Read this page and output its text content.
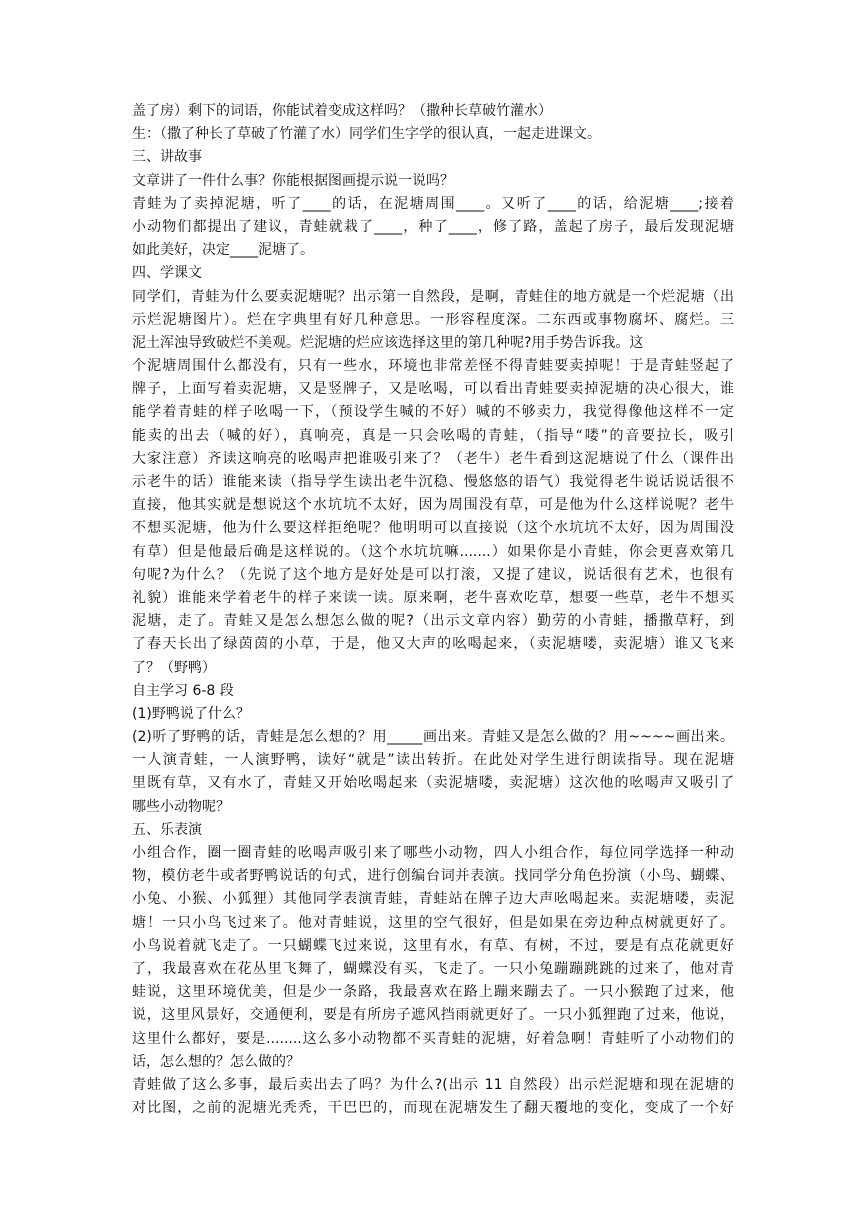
盖了房）剩下的词语，你能试着变成这样吗？（撒种长草破竹灌水）
生：（撒了种长了草破了竹灌了水）同学们生字学的很认真，一起走进课文。
三、讲故事
文章讲了一件什么事？你能根据图画提示说一说吗？
青蛙为了卖掉泥塘，听了____的话，在泥塘周围____。又听了____的话，给泥塘____;接着
小动物们都提出了建议，青蛙就栽了____，种了____，修了路，盖起了房子，最后发现泥塘
如此美好，决定____泥塘了。
四、学课文
同学们，青蛙为什么要卖泥塘呢？出示第一自然段，是啊，青蛙住的地方就是一个烂泥塘（出
示烂泥塘图片）。烂在字典里有好几种意思。一形容程度深。二东西或事物腐坏、腐烂。三
泥土浑浊导致破烂不美观。烂泥塘的烂应该选择这里的第几种呢?用手势告诉我。这
个泥塘周围什么都没有，只有一些水，环境也非常差怪不得青蛙要卖掉呢！于是青蛙竖起了
牌子，上面写着卖泥塘，又是竖牌子，又是吆喝，可以看出青蛙要卖掉泥塘的决心很大，谁
能学着青蛙的样子吆喝一下，（预设学生喊的不好）喊的不够卖力，我觉得像他这样不一定
能卖的出去（喊的好），真响亮，真是一只会吆喝的青蛙，（指导“喽”的音要拉长，吸引
大家注意）齐读这响亮的吆喝声把谁吸引来了？（老牛）老牛看到这泥塘说了什么（课件出
示老牛的话）谁能来读（指导学生读出老牛沉稳、慢悠悠的语气）我觉得老牛说话说话很不
直接，他其实就是想说这个水坑坑不太好，因为周围没有草，可是他为什么这样说呢？老牛
不想买泥塘，他为什么要这样拒绝呢？他明明可以直接说（这个水坑坑不太好，因为周围没
有草）但是他最后确是这样说的。（这个水坑坑嘛.......）如果你是小青蛙，你会更喜欢第几
句呢?为什么？（先说了这个地方是好处是可以打滚，又提了建议，说话很有艺术，也很有
礼貌）谁能来学着老牛的样子来读一读。原来啊，老牛喜欢吃草，想要一些草，老牛不想买
泥塘，走了。青蛙又是怎么想怎么做的呢?（出示文章内容）勤劳的小青蛙，播撒草籽，到
了春天长出了绿茵茵的小草，于是，他又大声的吆喝起来，（卖泥塘喽，卖泥塘）谁又飞来
了？（野鸭）
自主学习 6-8 段
(1)野鸭说了什么？
(2)听了野鸭的话，青蛙是怎么想的？用_____画出来。青蛙又是怎么做的？用~~~~画出来。
一人演青蛙，一人演野鸭，读好“就是”读出转折。在此处对学生进行朗读指导。现在泥塘
里既有草，又有水了，青蛙又开始吆喝起来（卖泥塘喽，卖泥塘）这次他的吆喝声又吸引了
哪些小动物呢？
五、乐表演
小组合作，圈一圈青蛙的吆喝声吸引来了哪些小动物，四人小组合作，每位同学选择一种动
物，模仿老牛或者野鸭说话的句式，进行创编台词并表演。找同学分角色扮演（小鸟、蝴蝶、
小兔、小猴、小狐狸）其他同学表演青蛙，青蛙站在牌子边大声吆喝起来。卖泥塘喽，卖泥
塘！一只小鸟飞过来了。他对青蛙说，这里的空气很好，但是如果在旁边种点树就更好了。
小鸟说着就飞走了。一只蝴蝶飞过来说，这里有水，有草、有树，不过，要是有点花就更好
了，我最喜欢在花丛里飞舞了，蝴蝶没有买，飞走了。一只小兔蹦蹦跳跳的过来了，他对青
蛙说，这里环境优美，但是少一条路，我最喜欢在路上蹦来蹦去了。一只小猴跑了过来，他
说，这里风景好，交通便利，要是有所房子遮风挡雨就更好了。一只小狐狸跑了过来，他说，
这里什么都好，要是........这么多小动物都不买青蛙的泥塘，好着急啊！青蛙听了小动物们的
话，怎么想的？怎么做的？
青蛙做了这么多事，最后卖出去了吗？为什么?(出示 11 自然段）出示烂泥塘和现在泥塘的
对比图，之前的泥塘光秃秃，干巴巴的，而现在泥塘发生了翻天覆地的变化，变成了一个好
